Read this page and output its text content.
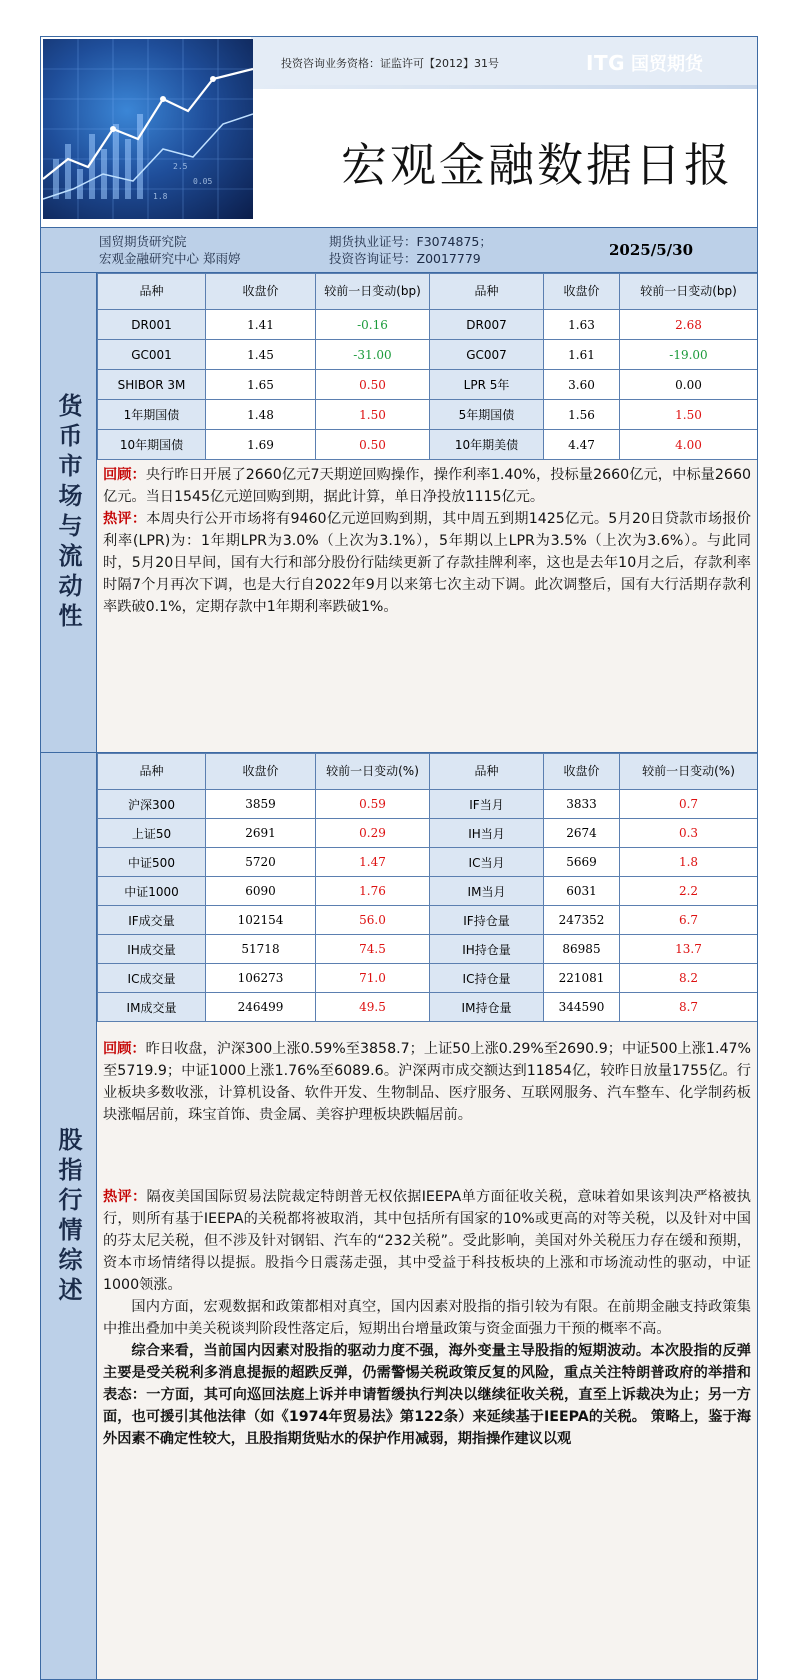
2.5
0.05
1.8
投资咨询业务资格：证监许可【2012】31号	ITG 国贸期货
宏观金融数据日报
国贸期货研究院
宏观金融研究中心 郑雨婷
期货执业证号：F3074875；
投资咨询证号：Z0017779	2025/5/30
货币市场与流动性
品种	收盘价	较前一日变动(bp)	品种	收盘价	较前一日变动(bp)
DR001	1.41	-0.16	DR007	1.63	2.68
GC001	1.45	-31.00	GC007	1.61	-19.00
SHIBOR 3M	1.65	0.50	LPR 5年	3.60	0.00
1年期国债	1.48	1.50	5年期国债	1.56	1.50
10年期国债	1.69	0.50	10年期美债	4.47	4.00

回顾：央行昨日开展了2660亿元7天期逆回购操作，操作利率1.40%，投标量2660亿元，中标量2660亿元。当日1545亿元逆回购到期，据此计算，单日净投放1115亿元。

热评：本周央行公开市场将有9460亿元逆回购到期，其中周五到期1425亿元。5月20日贷款市场报价利率(LPR)为：1年期LPR为3.0%（上次为3.1%），5年期以上LPR为3.5%（上次为3.6%）。与此同时，5月20日早间，国有大行和部分股份行陆续更新了存款挂牌利率，这也是去年10月之后，存款利率时隔7个月再次下调，也是大行自2022年9月以来第七次主动下调。此次调整后，国有大行活期存款利率跌破0.1%，定期存款中1年期利率跌破1%。

股指行情综述
品种	收盘价	较前一日变动(%)	品种	收盘价	较前一日变动(%)
沪深300	3859	0.59	IF当月	3833	0.7
上证50	2691	0.29	IH当月	2674	0.3
中证500	5720	1.47	IC当月	5669	1.8
中证1000	6090	1.76	IM当月	6031	2.2
IF成交量	102154	56.0	IF持仓量	247352	6.7
IH成交量	51718	74.5	IH持仓量	86985	13.7
IC成交量	106273	71.0	IC持仓量	221081	8.2
IM成交量	246499	49.5	IM持仓量	344590	8.7

回顾：昨日收盘，沪深300上涨0.59%至3858.7；上证50上涨0.29%至2690.9；中证500上涨1.47%至5719.9；中证1000上涨1.76%至6089.6。沪深两市成交额达到11854亿，较昨日放量1755亿。行业板块多数收涨，计算机设备、软件开发、生物制品、医疗服务、互联网服务、汽车整车、化学制药板块涨幅居前，珠宝首饰、贵金属、美容护理板块跌幅居前。

热评：隔夜美国国际贸易法院裁定特朗普无权依据IEEPA单方面征收关税，意味着如果该判决严格被执行，则所有基于IEEPA的关税都将被取消，其中包括所有国家的10%或更高的对等关税，以及针对中国的芬太尼关税，但不涉及针对钢铝、汽车的“232关税”。受此影响，美国对外关税压力存在缓和预期，资本市场情绪得以提振。股指今日震荡走强，其中受益于科技板块的上涨和市场流动性的驱动，中证1000领涨。

国内方面，宏观数据和政策都相对真空，国内因素对股指的指引较为有限。在前期金融支持政策集中推出叠加中美关税谈判阶段性落定后，短期出台增量政策与资金面强力干预的概率不高。

综合来看，当前国内因素对股指的驱动力度不强，海外变量主导股指的短期波动。本次股指的反弹主要是受关税利多消息提振的超跌反弹，仍需警惕关税政策反复的风险，重点关注特朗普政府的举措和表态：一方面，其可向巡回法庭上诉并申请暂缓执行判决以继续征收关税，直至上诉裁决为止；另一方面，也可援引其他法律（如《1974年贸易法》第122条）来延续基于IEEPA的关税。 策略上，鉴于海外因素不确定性较大，且股指期货贴水的保护作用减弱，期指操作建议以观
